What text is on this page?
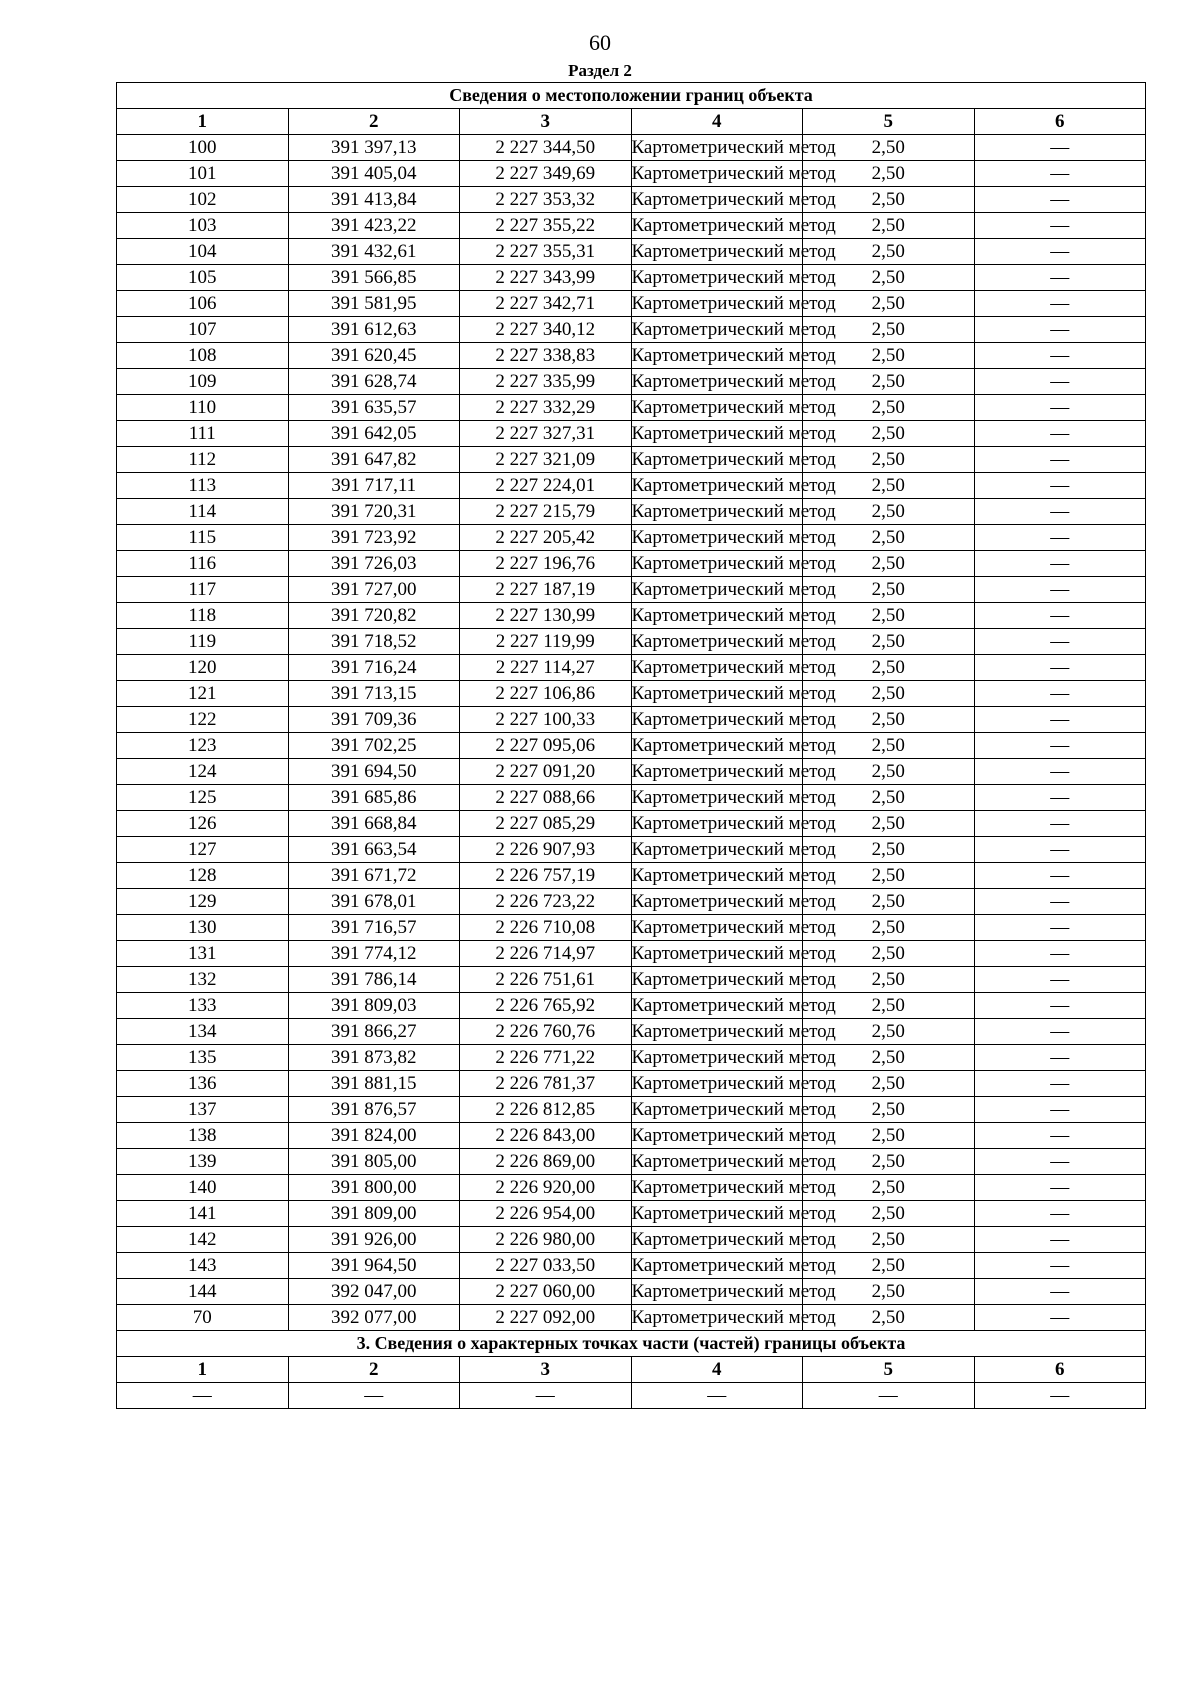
60
Раздел 2
Сведения о местоположении границ объекта					
1	2	3	4	5	6
100	391 397,13	2 227 344,50	Картометрический метод	2,50	—
101	391 405,04	2 227 349,69	Картометрический метод	2,50	—
102	391 413,84	2 227 353,32	Картометрический метод	2,50	—
103	391 423,22	2 227 355,22	Картометрический метод	2,50	—
104	391 432,61	2 227 355,31	Картометрический метод	2,50	—
105	391 566,85	2 227 343,99	Картометрический метод	2,50	—
106	391 581,95	2 227 342,71	Картометрический метод	2,50	—
107	391 612,63	2 227 340,12	Картометрический метод	2,50	—
108	391 620,45	2 227 338,83	Картометрический метод	2,50	—
109	391 628,74	2 227 335,99	Картометрический метод	2,50	—
110	391 635,57	2 227 332,29	Картометрический метод	2,50	—
111	391 642,05	2 227 327,31	Картометрический метод	2,50	—
112	391 647,82	2 227 321,09	Картометрический метод	2,50	—
113	391 717,11	2 227 224,01	Картометрический метод	2,50	—
114	391 720,31	2 227 215,79	Картометрический метод	2,50	—
115	391 723,92	2 227 205,42	Картометрический метод	2,50	—
116	391 726,03	2 227 196,76	Картометрический метод	2,50	—
117	391 727,00	2 227 187,19	Картометрический метод	2,50	—
118	391 720,82	2 227 130,99	Картометрический метод	2,50	—
119	391 718,52	2 227 119,99	Картометрический метод	2,50	—
120	391 716,24	2 227 114,27	Картометрический метод	2,50	—
121	391 713,15	2 227 106,86	Картометрический метод	2,50	—
122	391 709,36	2 227 100,33	Картометрический метод	2,50	—
123	391 702,25	2 227 095,06	Картометрический метод	2,50	—
124	391 694,50	2 227 091,20	Картометрический метод	2,50	—
125	391 685,86	2 227 088,66	Картометрический метод	2,50	—
126	391 668,84	2 227 085,29	Картометрический метод	2,50	—
127	391 663,54	2 226 907,93	Картометрический метод	2,50	—
128	391 671,72	2 226 757,19	Картометрический метод	2,50	—
129	391 678,01	2 226 723,22	Картометрический метод	2,50	—
130	391 716,57	2 226 710,08	Картометрический метод	2,50	—
131	391 774,12	2 226 714,97	Картометрический метод	2,50	—
132	391 786,14	2 226 751,61	Картометрический метод	2,50	—
133	391 809,03	2 226 765,92	Картометрический метод	2,50	—
134	391 866,27	2 226 760,76	Картометрический метод	2,50	—
135	391 873,82	2 226 771,22	Картометрический метод	2,50	—
136	391 881,15	2 226 781,37	Картометрический метод	2,50	—
137	391 876,57	2 226 812,85	Картометрический метод	2,50	—
138	391 824,00	2 226 843,00	Картометрический метод	2,50	—
139	391 805,00	2 226 869,00	Картометрический метод	2,50	—
140	391 800,00	2 226 920,00	Картометрический метод	2,50	—
141	391 809,00	2 226 954,00	Картометрический метод	2,50	—
142	391 926,00	2 226 980,00	Картометрический метод	2,50	—
143	391 964,50	2 227 033,50	Картометрический метод	2,50	—
144	392 047,00	2 227 060,00	Картометрический метод	2,50	—
70	392 077,00	2 227 092,00	Картометрический метод	2,50	—
3. Сведения о характерных точках части (частей) границы объекта					
1	2	3	4	5	6
—	—	—	—	—	—
